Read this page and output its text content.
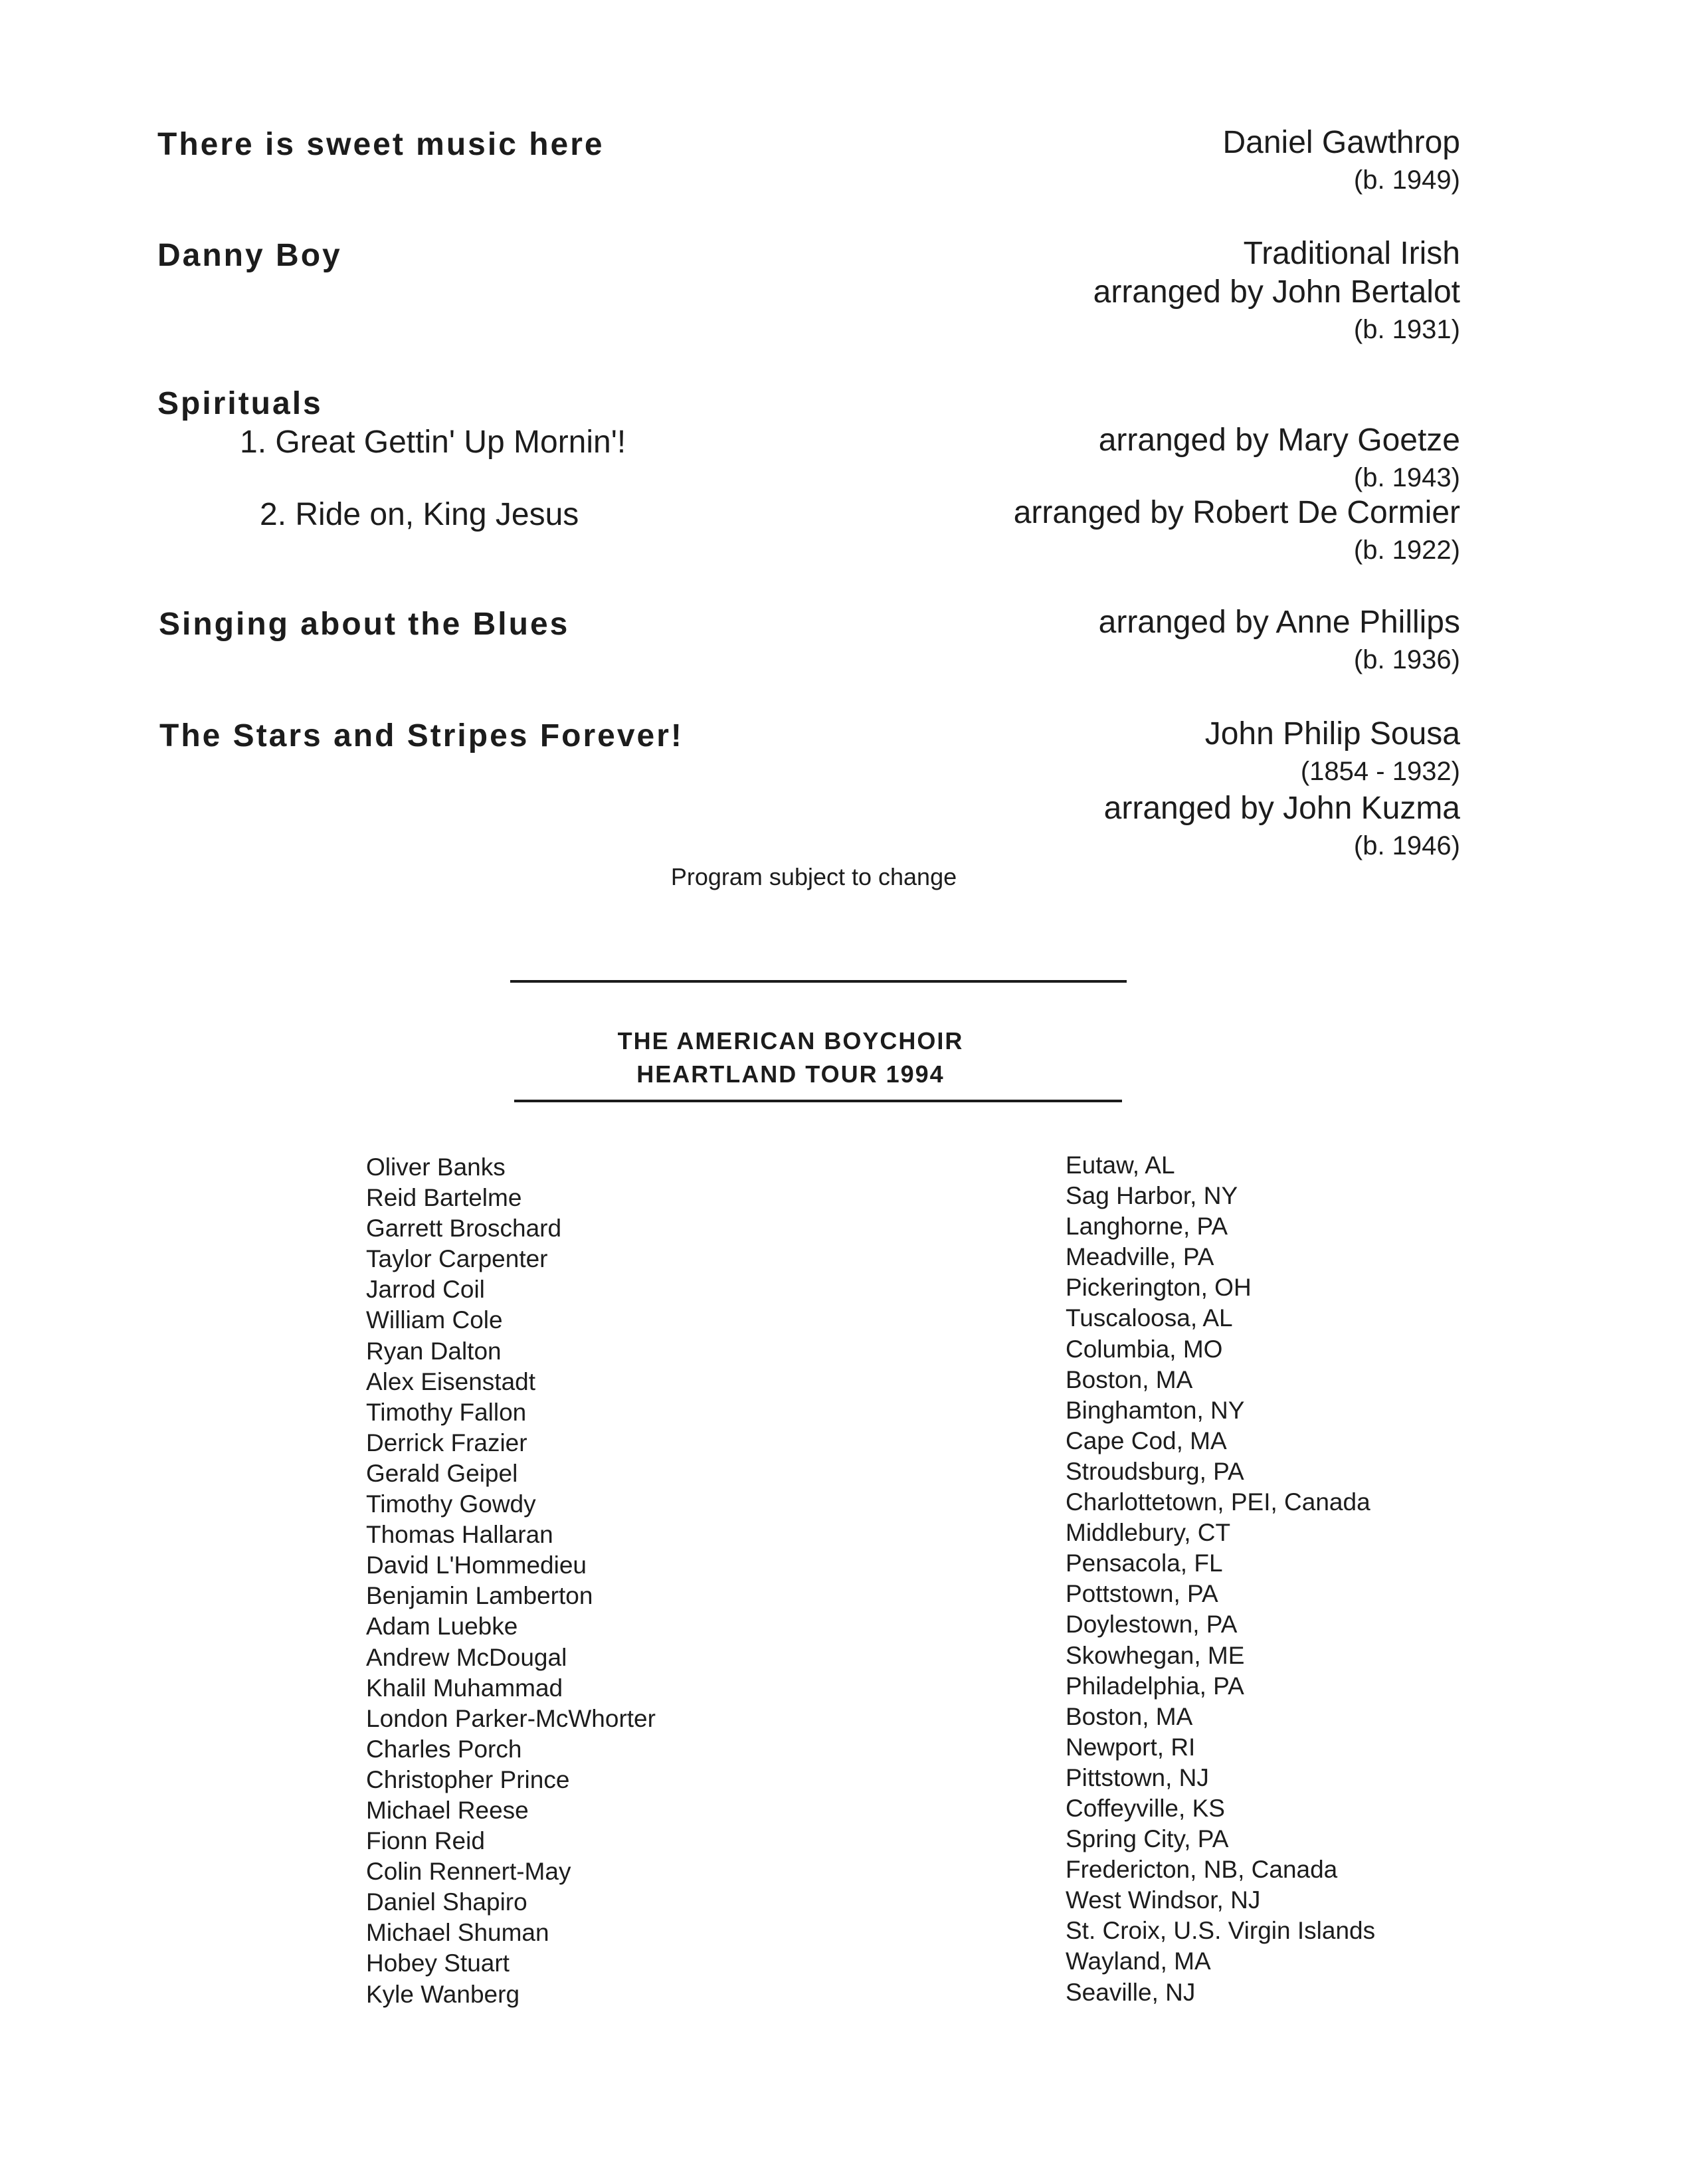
There is sweet music here
Danny Boy
Spirituals
1. Great Gettin' Up Mornin'!
2. Ride on, King Jesus
Singing about the Blues
The Stars and Stripes Forever!
Daniel Gawthrop
(b. 1949)
Traditional Irish
arranged by John Bertalot
(b. 1931)
arranged by Mary Goetze
(b. 1943)
arranged by Robert De Cormier
(b. 1922)
arranged by Anne Phillips
(b. 1936)
John Philip Sousa
(1854 - 1932)
arranged by John Kuzma
(b. 1946)
Program subject to change
THE AMERICAN BOYCHOIR
HEARTLAND TOUR 1994
Oliver Banks
Reid Bartelme
Garrett Broschard
Taylor Carpenter
Jarrod Coil
William Cole
Ryan Dalton
Alex Eisenstadt
Timothy Fallon
Derrick Frazier
Gerald Geipel
Timothy Gowdy
Thomas Hallaran
David L'Hommedieu
Benjamin Lamberton
Adam Luebke
Andrew McDougal
Khalil Muhammad
London Parker-McWhorter
Charles Porch
Christopher Prince
Michael Reese
Fionn Reid
Colin Rennert-May
Daniel Shapiro
Michael Shuman
Hobey Stuart
Kyle Wanberg
Eutaw, AL
Sag Harbor, NY
Langhorne, PA
Meadville, PA
Pickerington, OH
Tuscaloosa, AL
Columbia, MO
Boston, MA
Binghamton, NY
Cape Cod, MA
Stroudsburg, PA
Charlottetown, PEI, Canada
Middlebury, CT
Pensacola, FL
Pottstown, PA
Doylestown, PA
Skowhegan, ME
Philadelphia, PA
Boston, MA
Newport, RI
Pittstown, NJ
Coffeyville, KS
Spring City, PA
Fredericton, NB, Canada
West Windsor, NJ
St. Croix, U.S. Virgin Islands
Wayland, MA
Seaville, NJ
